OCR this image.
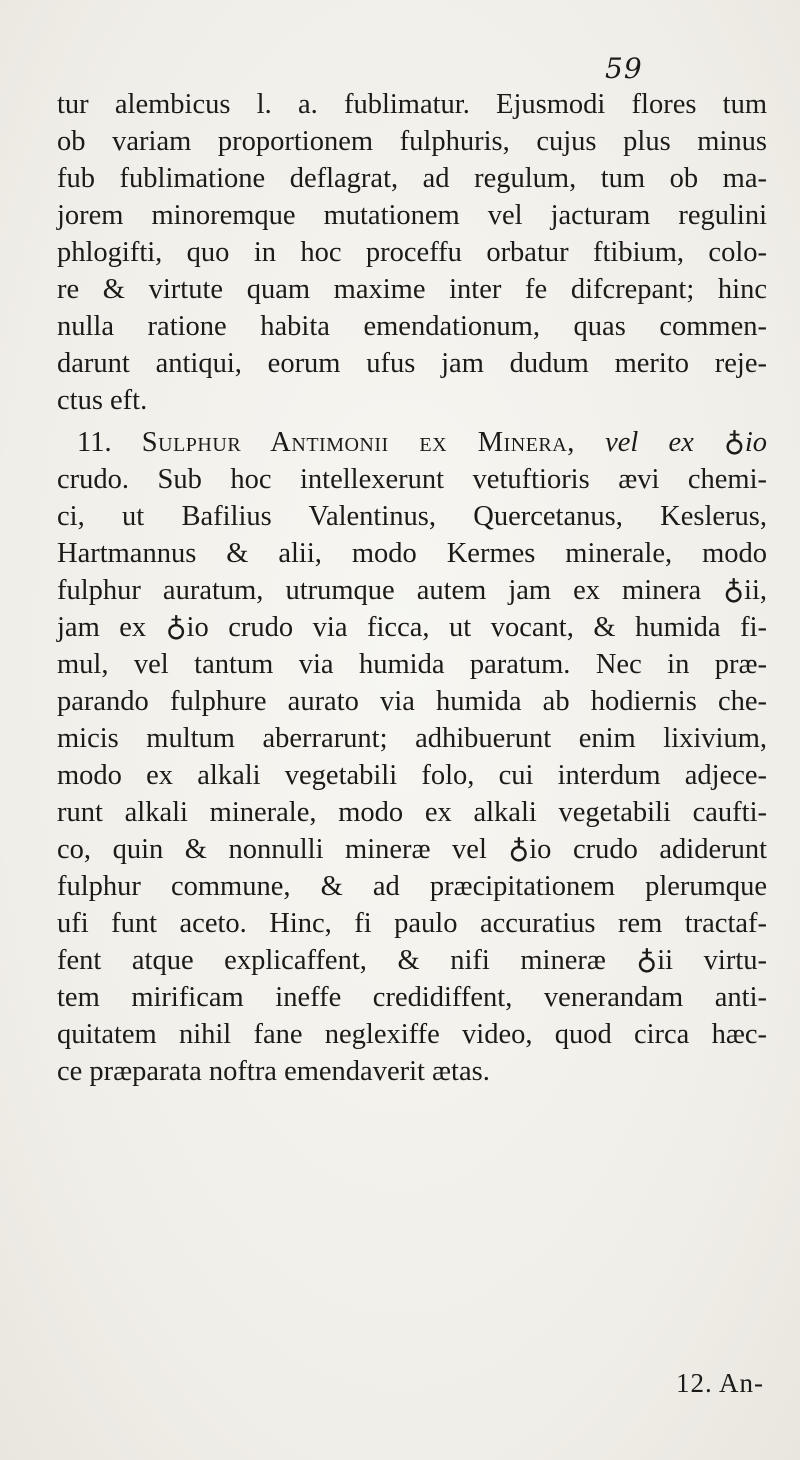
59
tur alembicus l. a. fublimatur. Ejusmodi flores tum
ob variam proportionem fulphuris, cujus plus minus
fub fublimatione deflagrat, ad regulum, tum ob ma-
jorem minoremque mutationem vel jacturam regulini
phlogifti, quo in hoc proceffu orbatur ftibium, colo-
re & virtute quam maxime inter fe difcrepant; hinc
nulla ratione habita emendationum, quas commen-
darunt antiqui, eorum ufus jam dudum merito reje-
ctus eft.
11. Sulphur Antimonii ex Minera, vel ex ♁io
crudo. Sub hoc intellexerunt vetuftioris ævi chemi-
ci, ut Bafilius Valentinus, Quercetanus, Keslerus,
Hartmannus & alii, modo Kermes minerale, modo
fulphur auratum, utrumque autem jam ex minera ♁ii,
jam ex ♁io crudo via ficca, ut vocant, & humida fi-
mul, vel tantum via humida paratum. Nec in præ-
parando fulphure aurato via humida ab hodiernis che-
micis multum aberrarunt; adhibuerunt enim lixivium,
modo ex alkali vegetabili folo, cui interdum adjece-
runt alkali minerale, modo ex alkali vegetabili caufti-
co, quin & nonnulli mineræ vel ♁io crudo adiderunt
fulphur commune, & ad præcipitationem plerumque
ufi funt aceto. Hinc, fi paulo accuratius rem tractaf-
fent atque explicaffent, & nifi mineræ ♁ii virtu-
tem mirificam ineffe credidiffent, venerandam anti-
quitatem nihil fane neglexiffe video, quod circa hæc-
ce præparata noftra emendaverit ætas.
12. An-
